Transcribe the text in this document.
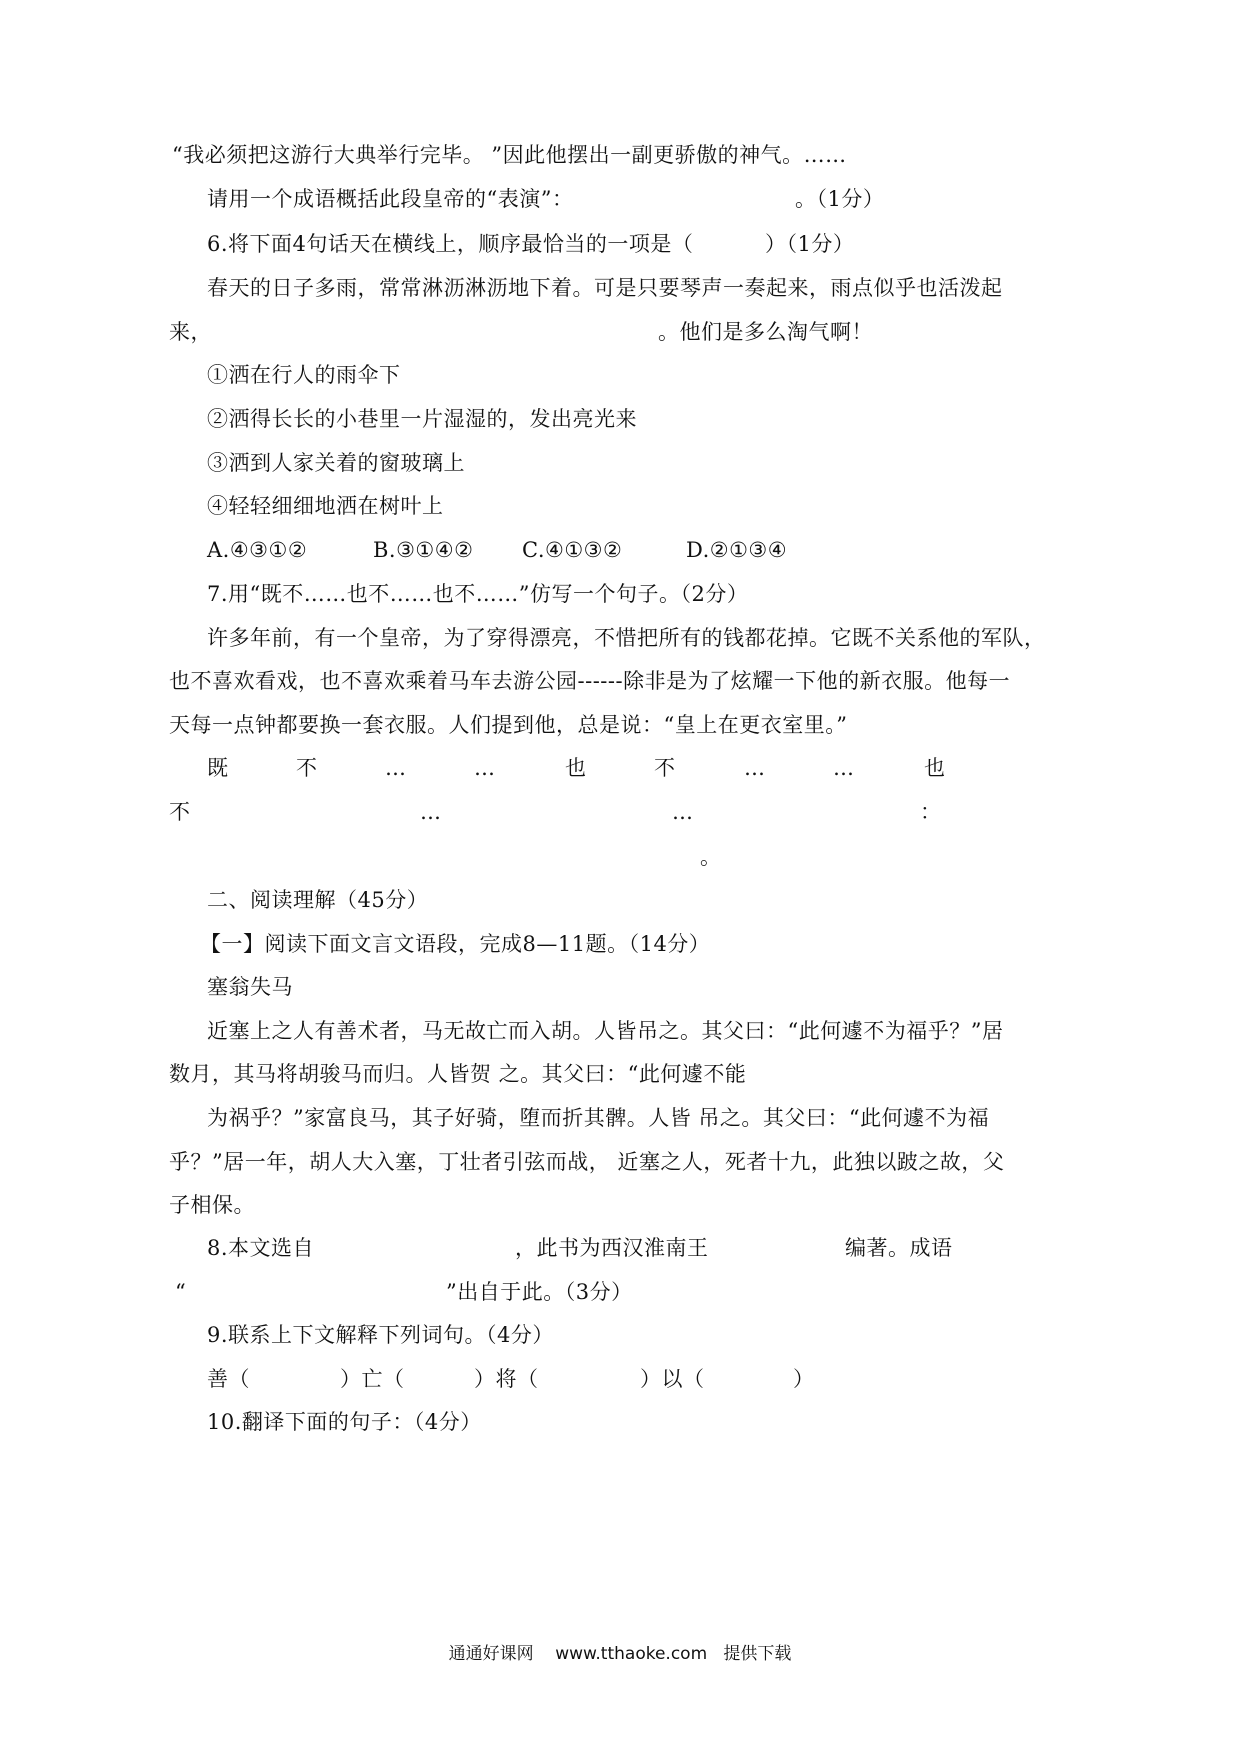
“我必须把这游行大典举行完毕。 ”因此他摆出一副更骄傲的神气。……
请用一个成语概括此段皇帝的“表演”：	。（1分）
6.将下面4句话天在横线上，顺序最恰当的一项是（	）（1分）
春天的日子多雨，常常淋沥淋沥地下着。可是只要琴声一奏起来，雨点似乎也活泼起
来，	。他们是多么淘气啊！
①洒在行人的雨伞下
②洒得长长的小巷里一片湿湿的，发出亮光来
③洒到人家关着的窗玻璃上
④轻轻细细地洒在树叶上
A.④③①②	B.③①④② C.④①③②	D.②①③④
7.用“既不……也不……也不……”仿写一个句子。（2分）
许多年前，有一个皇帝，为了穿得漂亮，不惜把所有的钱都花掉。它既不关系他的军队，
也不喜欢看戏，也不喜欢乘着马车去游公园------除非是为了炫耀一下他的新衣服。他每一
天每一点钟都要换一套衣服。人们提到他，总是说：“皇上在更衣室里。”
既	不	…	…	也	不	…	…	也
不	…	…	：
。
二、阅读理解（45分）
【一】阅读下面文言文语段，完成8—11题。（14分）
塞翁失马
近塞上之人有善术者，马无故亡而入胡。人皆吊之。其父曰：“此何遽不为福乎？”居
数月，其马将胡骏马而归。人皆贺 之。其父曰：“此何遽不能
为祸乎？”家富良马，其子好骑，堕而折其髀。人皆 吊之。其父曰：“此何遽不为福
乎？”居一年，胡人大入塞，丁壮者引弦而战， 近塞之人，死者十九，此独以跛之故，父
子相保。
8.本文选自	，此书为西汉淮南王	编著。成语
“	”出自于此。（3分）
9.联系上下文解释下列词句。（4分）
善（	）亡（	）将（	）以（	）
10.翻译下面的句子：（4分）
通通好课网 www.tthaoke.com 提供下载
